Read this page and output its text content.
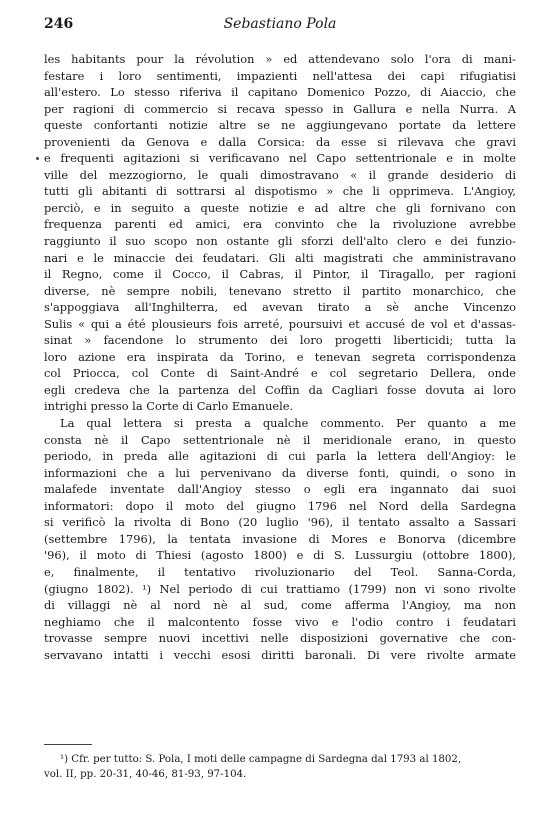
246	Sebastiano Pola
les habitants pour la révolution » ed attendevano solo l'ora di mani-
festare i loro sentimenti, impazienti nell'attesa dei capi rifugiatisi
all'estero. Lo stesso riferiva il capitano Domenico Pozzo, di Aiaccio, che
per ragioni di commercio si recava spesso in Gallura e nella Nurra. A
queste confortanti notizie altre se ne aggiungevano portate da lettere
provenienti da Genova e dalla Corsica: da esse si rilevava che gravi
e frequenti agitazioni si verificavano nel Capo settentrionale e in molte
ville del mezzogiorno, le quali dimostravano « il grande desiderio di
tutti gli abitanti di sottrarsi al dispotismo » che li opprimeva. L'Angioy,
perciò, e in seguito a queste notizie e ad altre che gli fornivano con
frequenza parenti ed amici, era convinto che la rivoluzione avrebbe
raggiunto il suo scopo non ostante gli sforzi dell'alto clero e dei funzio-
nari e le minaccie dei feudatari. Gli alti magistrati che amministravano
il Regno, come il Cocco, il Cabras, il Pintor, il Tiragallo, per ragioni
diverse, nè sempre nobili, tenevano stretto il partito monarchico, che
s'appoggiava all'Inghilterra, ed avevan tirato a sè anche Vincenzo
Sulis « qui a été plousieurs fois arreté, poursuivi et accusé de vol et d'assas-
sinat » facendone lo strumento dei loro progetti liberticidi; tutta la
loro azione era inspirata da Torino, e tenevan segreta corrispondenza
col Priocca, col Conte di Saint-André e col segretario Dellera, onde
egli credeva che la partenza del Coffin da Cagliari fosse dovuta ai loro
intrighi presso la Corte di Carlo Emanuele.
La qual lettera si presta a qualche commento. Per quanto a me
consta nè il Capo settentrionale nè il meridionale erano, in questo
periodo, in preda alle agitazioni di cui parla la lettera dell'Angioy: le
informazioni che a lui pervenivano da diverse fonti, quindi, o sono in
malafede inventate dall'Angioy stesso o egli era ingannato dai suoi
informatori: dopo il moto del giugno 1796 nel Nord della Sardegna
si verificò la rivolta di Bono (20 luglio '96), il tentato assalto a Sassari
(settembre 1796), la tentata invasione di Mores e Bonorva (dicembre
'96), il moto di Thiesi (agosto 1800) e di S. Lussurgiu (ottobre 1800),
e, finalmente, il tentativo rivoluzionario del Teol. Sanna-Corda,
(giugno 1802). ¹) Nel periodo di cui trattiamo (1799) non vi sono rivolte
di villaggi nè al nord nè al sud, come afferma l'Angioy, ma non
neghiamo che il malcontento fosse vivo e l'odio contro i feudatari
trovasse sempre nuovi incettivi nelle disposizioni governative che con-
servavano intatti i vecchi esosi diritti baronali. Di vere rivolte armate
¹) Cfr. per tutto: S. Pola, I moti delle campagne di Sardegna dal 1793 al 1802,
vol. II, pp. 20-31, 40-46, 81-93, 97-104.
